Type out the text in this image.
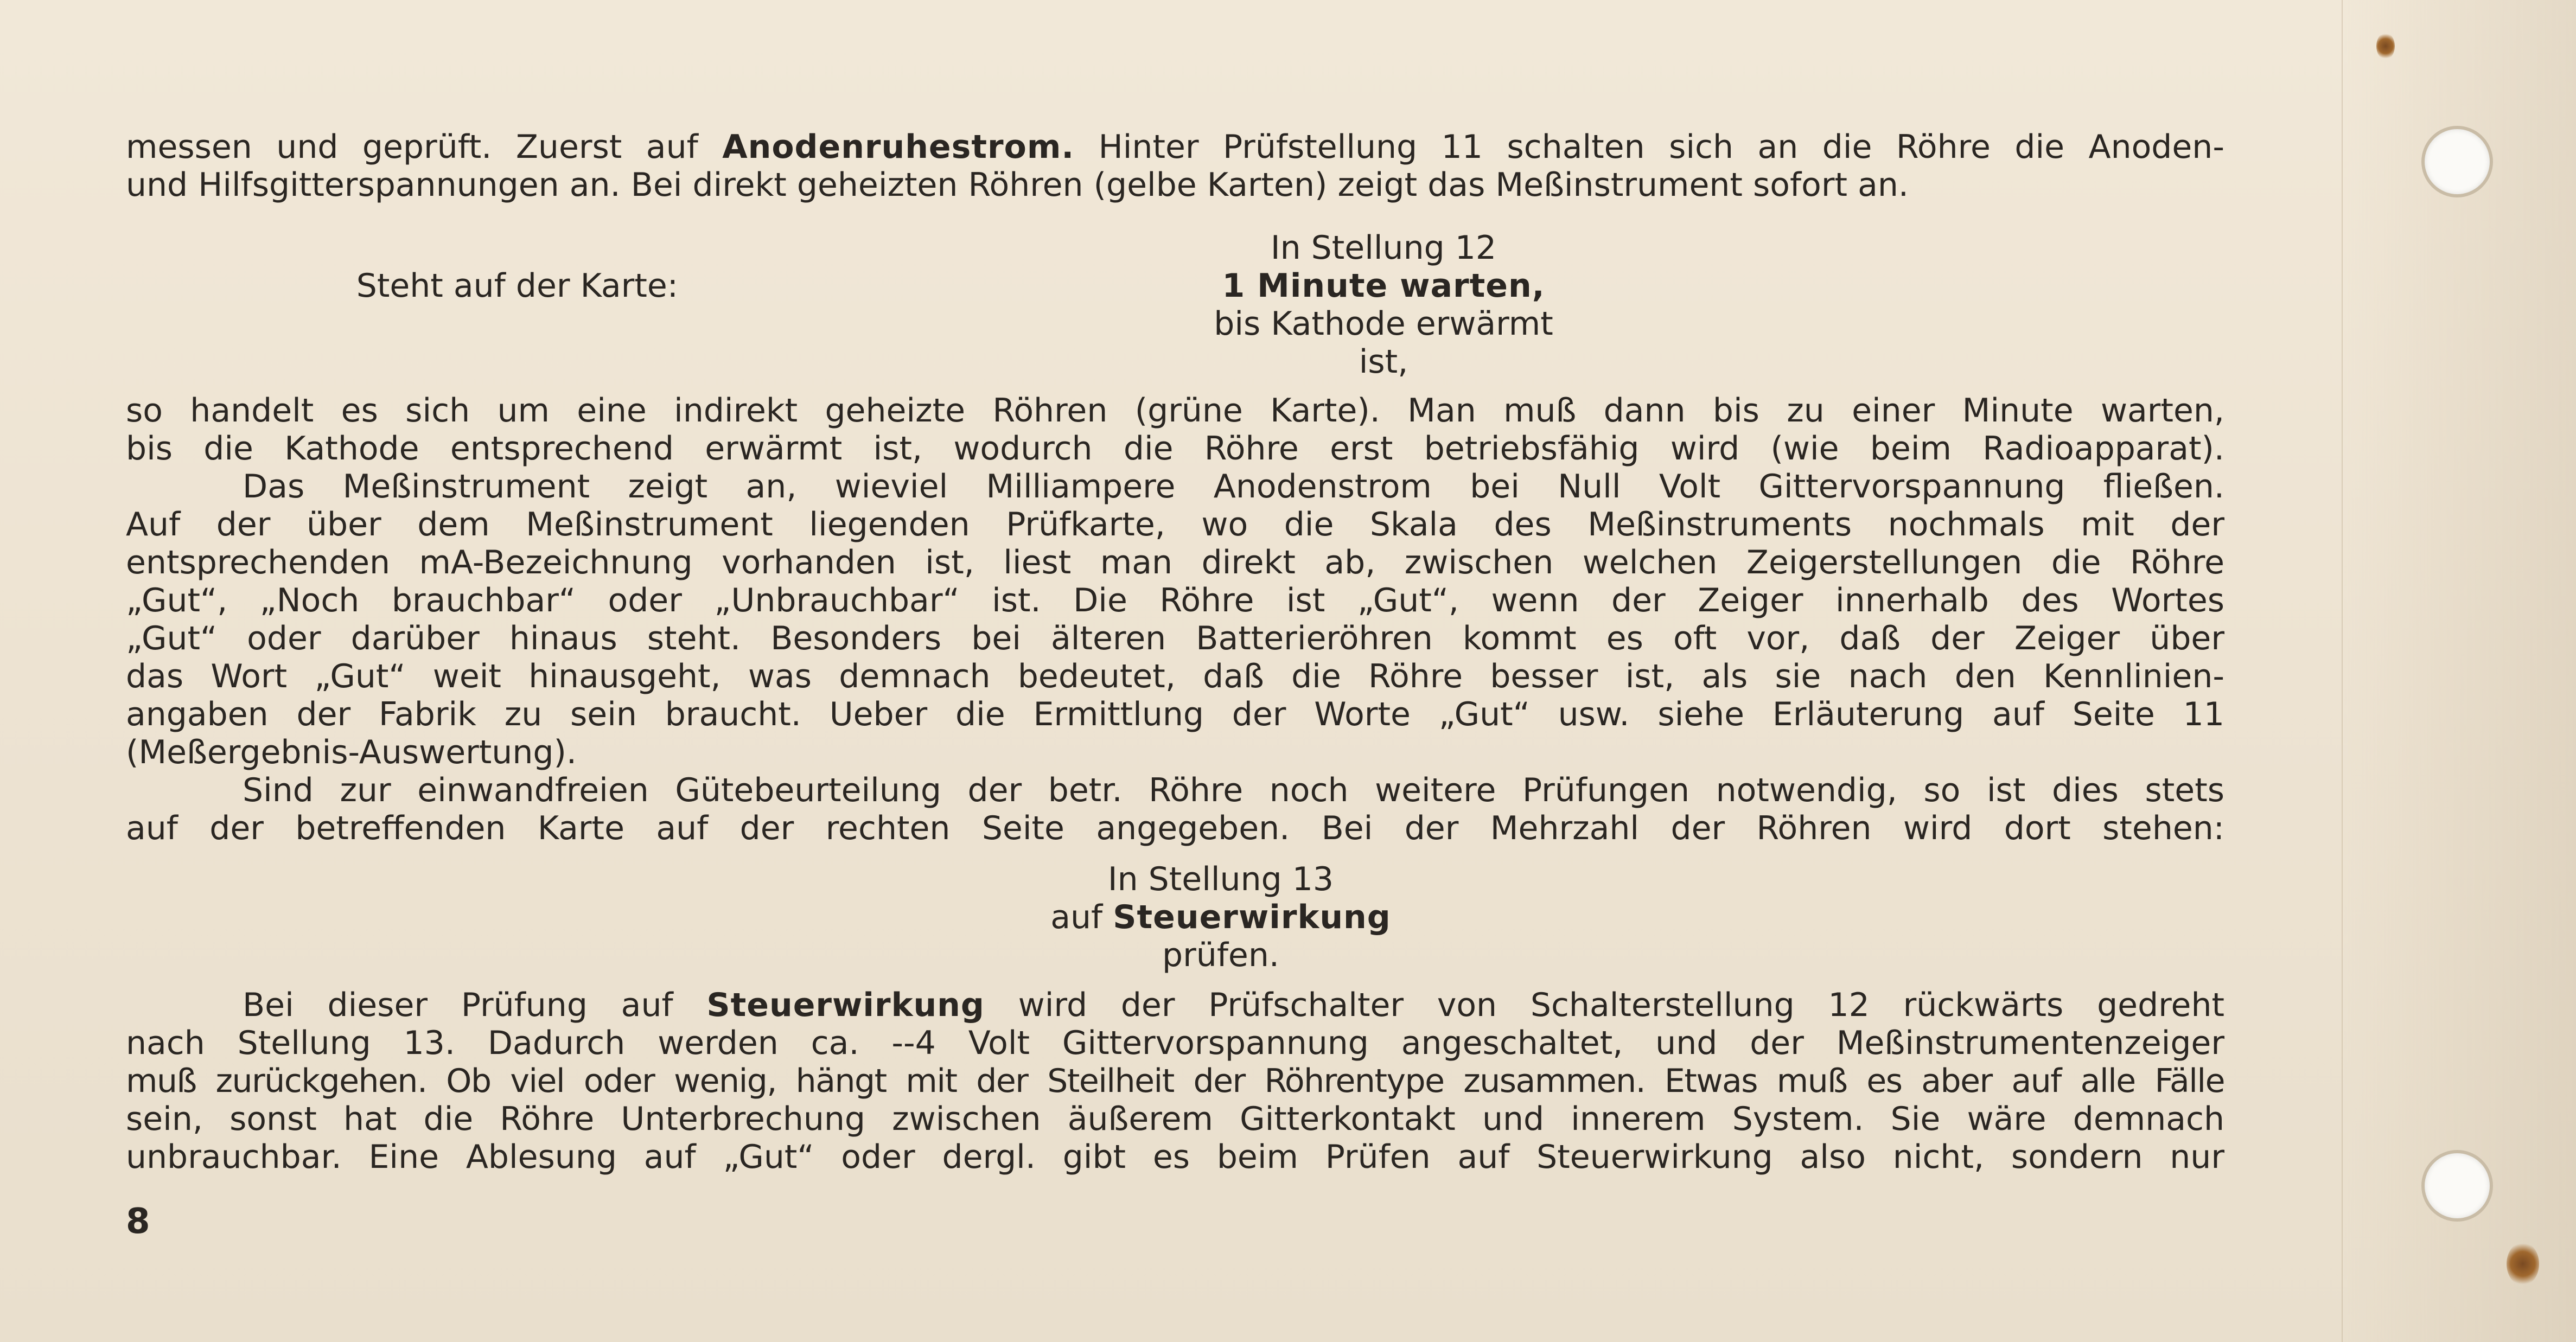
messen und geprüft. Zuerst auf Anodenruhestrom. Hinter Prüfstellung 11 schalten sich an die Röhre die Anoden-
und Hilfsgitterspannungen an. Bei direkt geheizten Röhren (gelbe Karten) zeigt das Meßinstrument sofort an.
Steht auf der Karte:
In Stellung 12
1 Minute warten,
bis Kathode erwärmt
ist,
so handelt es sich um eine indirekt geheizte Röhren (grüne Karte). Man muß dann bis zu einer Minute warten,
bis die Kathode entsprechend erwärmt ist, wodurch die Röhre erst betriebsfähig wird (wie beim Radioapparat).
Das Meßinstrument zeigt an, wieviel Milliampere Anodenstrom bei Null Volt Gittervorspannung fließen.
Auf der über dem Meßinstrument liegenden Prüfkarte, wo die Skala des Meßinstruments nochmals mit der
entsprechenden mA-Bezeichnung vorhanden ist, liest man direkt ab, zwischen welchen Zeigerstellungen die Röhre
„Gut“, „Noch brauchbar“ oder „Unbrauchbar“ ist. Die Röhre ist „Gut“, wenn der Zeiger innerhalb des Wortes
„Gut“ oder darüber hinaus steht. Besonders bei älteren Batterieröhren kommt es oft vor, daß der Zeiger über
das Wort „Gut“ weit hinausgeht, was demnach bedeutet, daß die Röhre besser ist, als sie nach den Kennlinien-
angaben der Fabrik zu sein braucht. Ueber die Ermittlung der Worte „Gut“ usw. siehe Erläuterung auf Seite 11
(Meßergebnis-Auswertung).
Sind zur einwandfreien Gütebeurteilung der betr. Röhre noch weitere Prüfungen notwendig, so ist dies stets
auf der betreffenden Karte auf der rechten Seite angegeben. Bei der Mehrzahl der Röhren wird dort stehen:
In Stellung 13
auf Steuerwirkung
prüfen.
Bei dieser Prüfung auf Steuerwirkung wird der Prüfschalter von Schalterstellung 12 rückwärts gedreht
nach Stellung 13. Dadurch werden ca. --4 Volt Gittervorspannung angeschaltet, und der Meßinstrumentenzeiger
muß zurückgehen. Ob viel oder wenig, hängt mit der Steilheit der Röhrentype zusammen. Etwas muß es aber auf alle Fälle
sein, sonst hat die Röhre Unterbrechung zwischen äußerem Gitterkontakt und innerem System. Sie wäre demnach
unbrauchbar. Eine Ablesung auf „Gut“ oder dergl. gibt es beim Prüfen auf Steuerwirkung also nicht, sondern nur
8
